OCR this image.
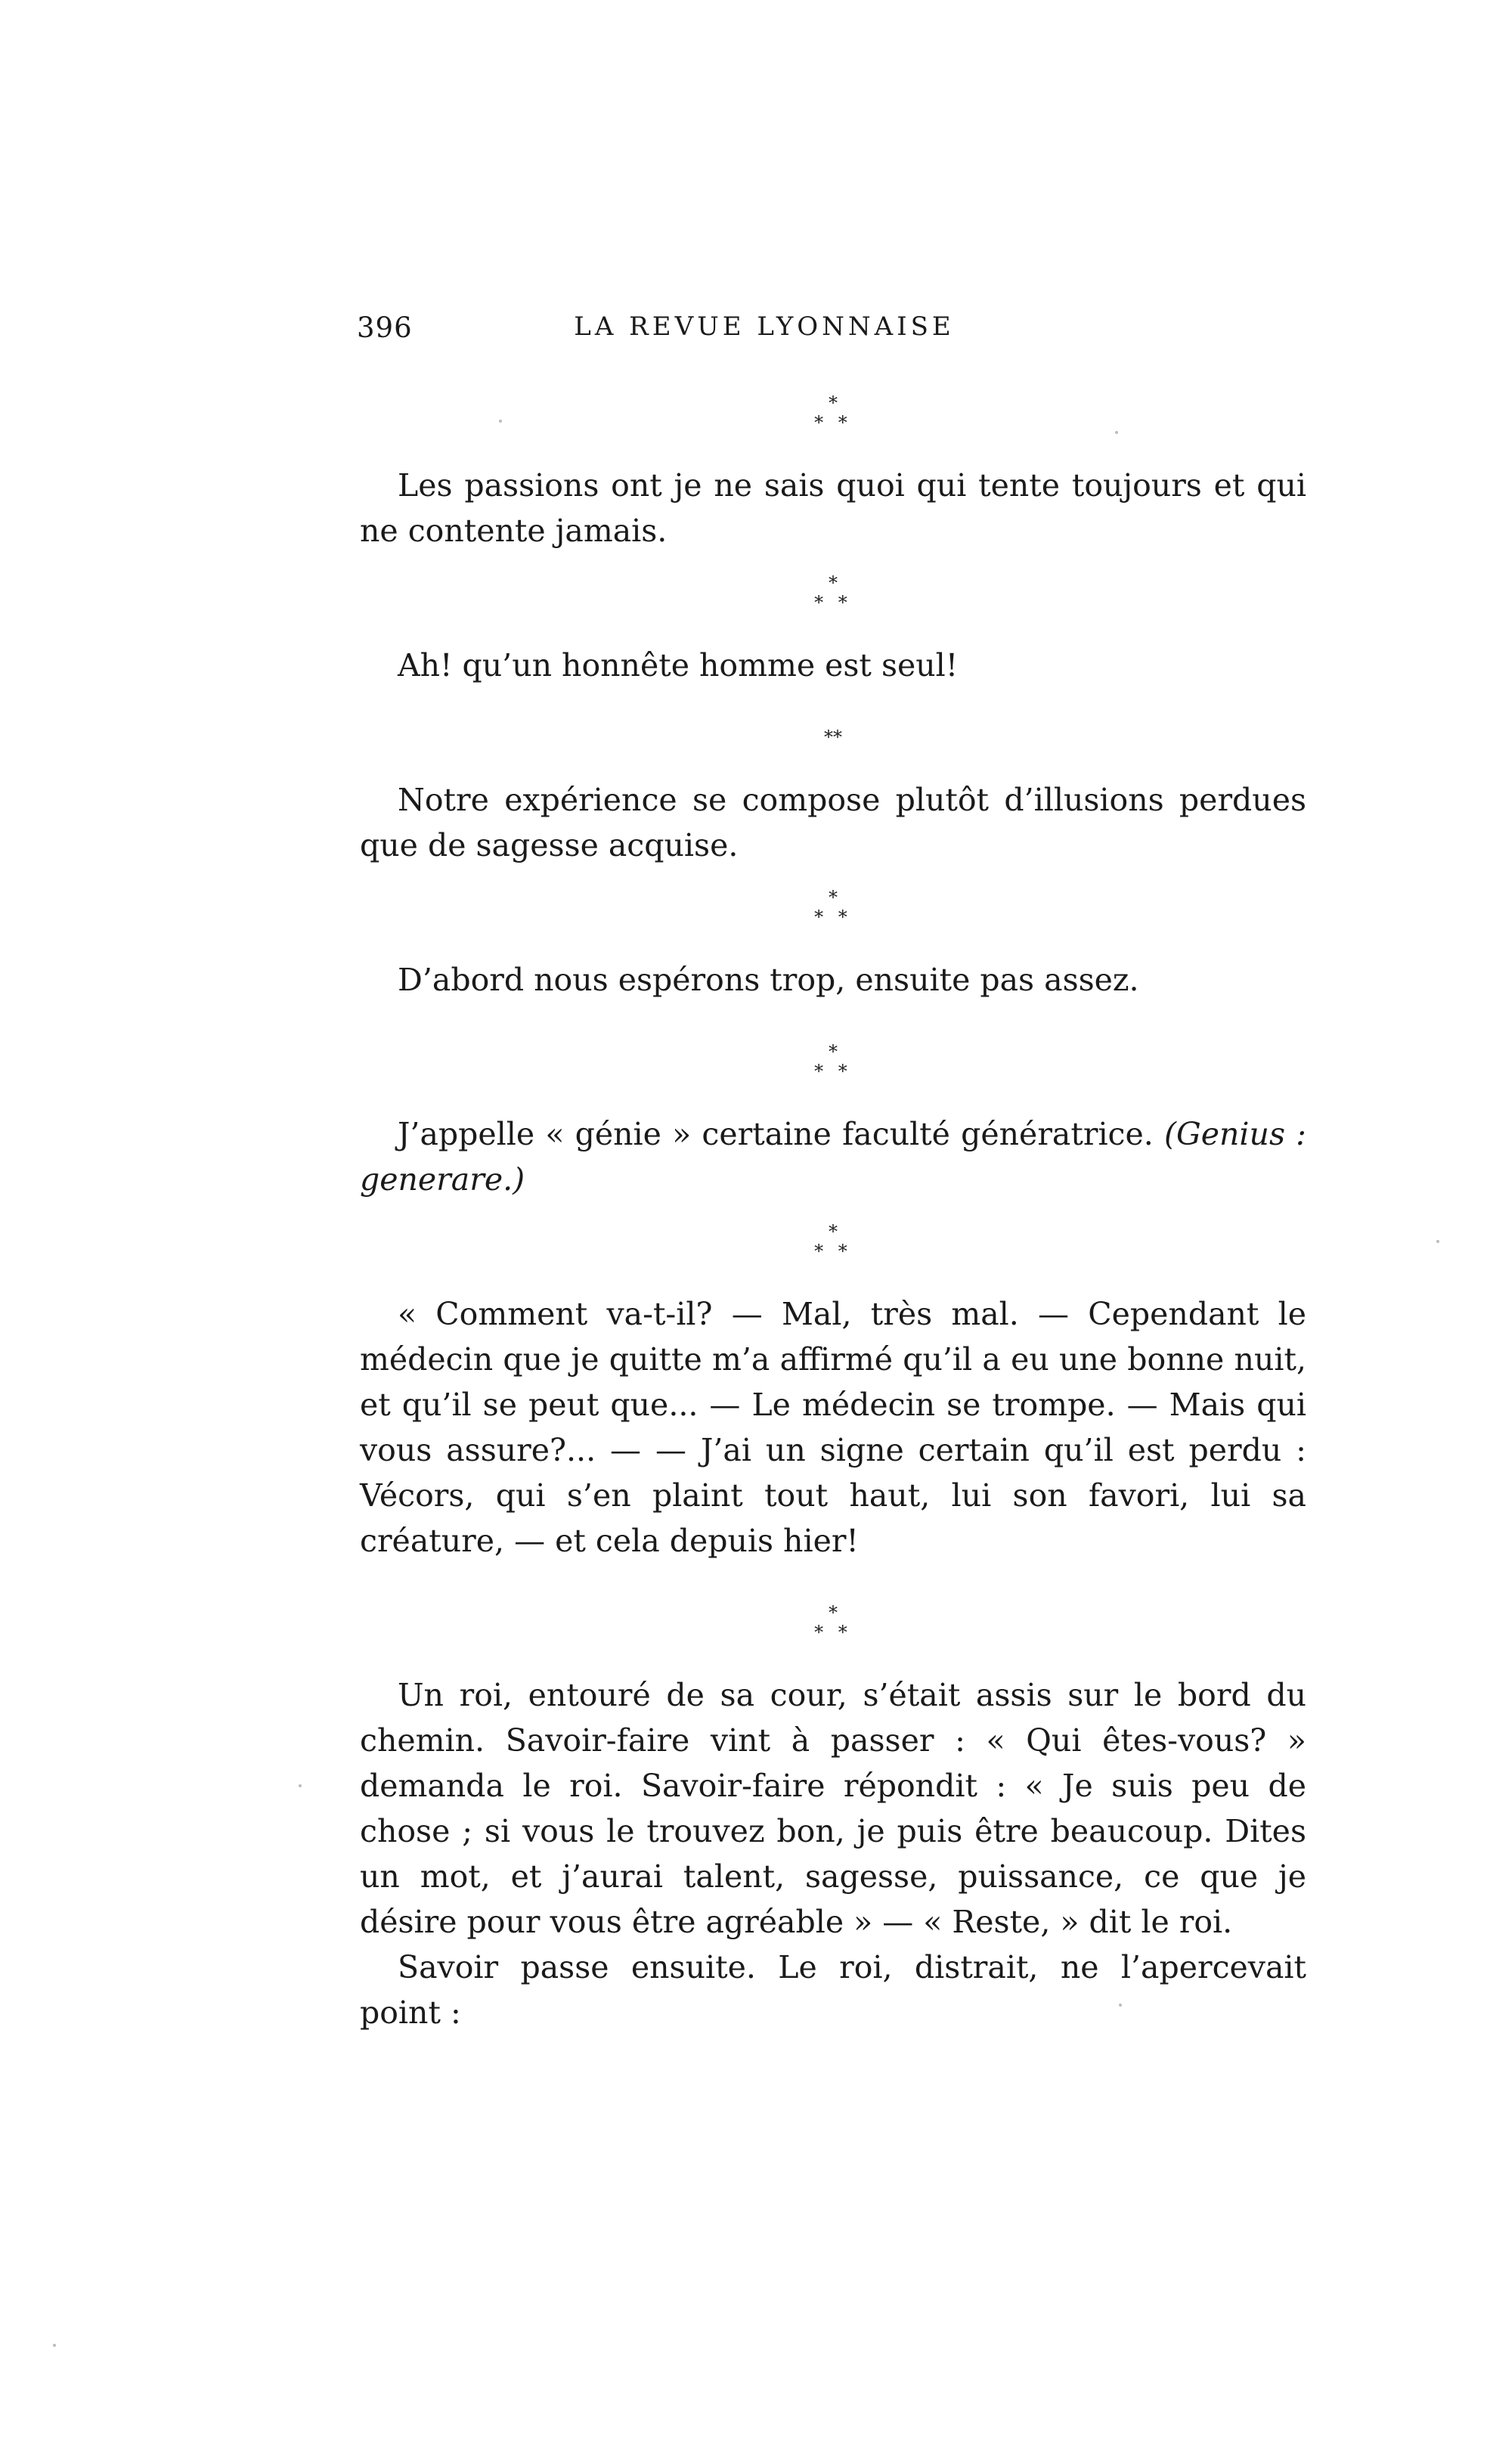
396	LA REVUE LYONNAISE
*
* *

Les passions ont je ne sais quoi qui tente toujours et qui ne contente jamais.

*
* *

Ah! qu’un honnête homme est seul!

**

Notre expérience se compose plutôt d’illusions perdues que de sagesse acquise.

*
* *

D’abord nous espérons trop, ensuite pas assez.

*
* *

J’appelle « génie » certaine faculté génératrice. (Genius : generare.)

*
* *

« Comment va-t-il? — Mal, très mal. — Cependant le médecin que je quitte m’a affirmé qu’il a eu une bonne nuit, et qu’il se peut que... — Le médecin se trompe. — Mais qui vous assure?... — — J’ai un signe certain qu’il est perdu : Vécors, qui s’en plaint tout haut, lui son favori, lui sa créature, — et cela depuis hier!

*
* *

Un roi, entouré de sa cour, s’était assis sur le bord du chemin. Savoir-faire vint à passer : « Qui êtes-vous? » demanda le roi. Savoir-faire répondit : « Je suis peu de chose ; si vous le trouvez bon, je puis être beaucoup. Dites un mot, et j’aurai talent, sagesse, puissance, ce que je désire pour vous être agréable » — « Reste, » dit le roi.

Savoir passe ensuite. Le roi, distrait, ne l’apercevait point :
